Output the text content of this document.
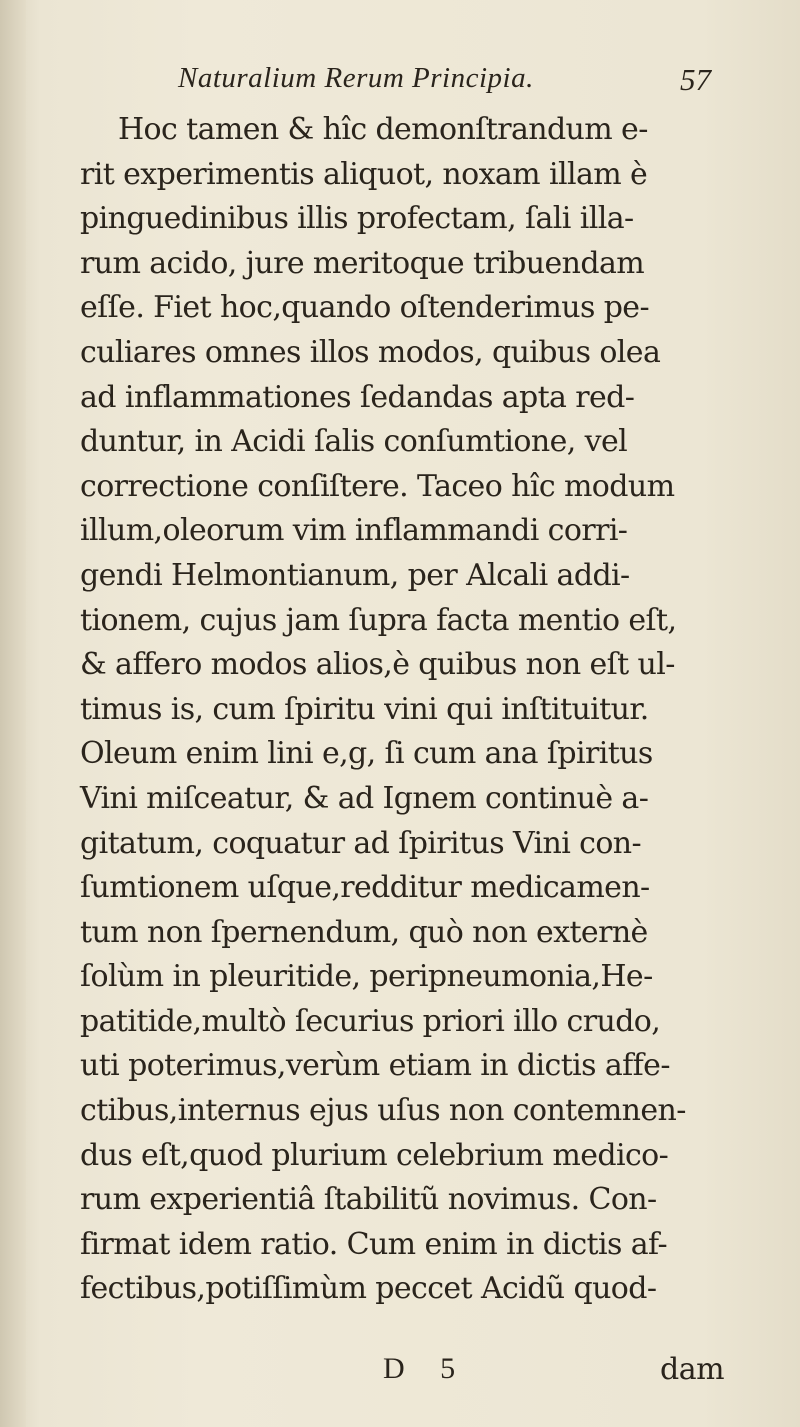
Naturalium Rerum Principia.	57
Hoc tamen & hîc demonſtrandum e-
rit experimentis aliquot, noxam illam è
pinguedinibus illis profectam, ſali illa-
rum acido, jure meritoque tribuendam
eſſe. Fiet hoc,quando oſtenderimus pe-
culiares omnes illos modos, quibus olea
ad inflammationes ſedandas apta red-
duntur, in Acidi ſalis conſumtione, vel
correctione conſiſtere. Taceo hîc modum
illum,oleorum vim inflammandi corri-
gendi Helmontianum, per Alcali addi-
tionem, cujus jam ſupra facta mentio eſt,
& affero modos alios,è quibus non eſt ul-
timus is, cum ſpiritu vini qui inſtituitur.
Oleum enim lini e,g, ſi cum ana ſpiritus
Vini miſceatur, & ad Ignem continuè a-
gitatum, coquatur ad ſpiritus Vini con-
ſumtionem uſque,redditur medicamen-
tum non ſpernendum, quò non externè
ſolùm in pleuritide, peripneumonia,He-
patitide,multò ſecurius priori illo crudo,
uti poterimus,verùm etiam in dictis affe-
ctibus,internus ejus uſus non contemnen-
dus eſt,quod plurium celebrium medico-
rum experientiâ ſtabilitũ novimus. Con-
firmat idem ratio. Cum enim in dictis af-
fectibus,potiſſimùm peccet Acidũ quod-
D 5	dam
